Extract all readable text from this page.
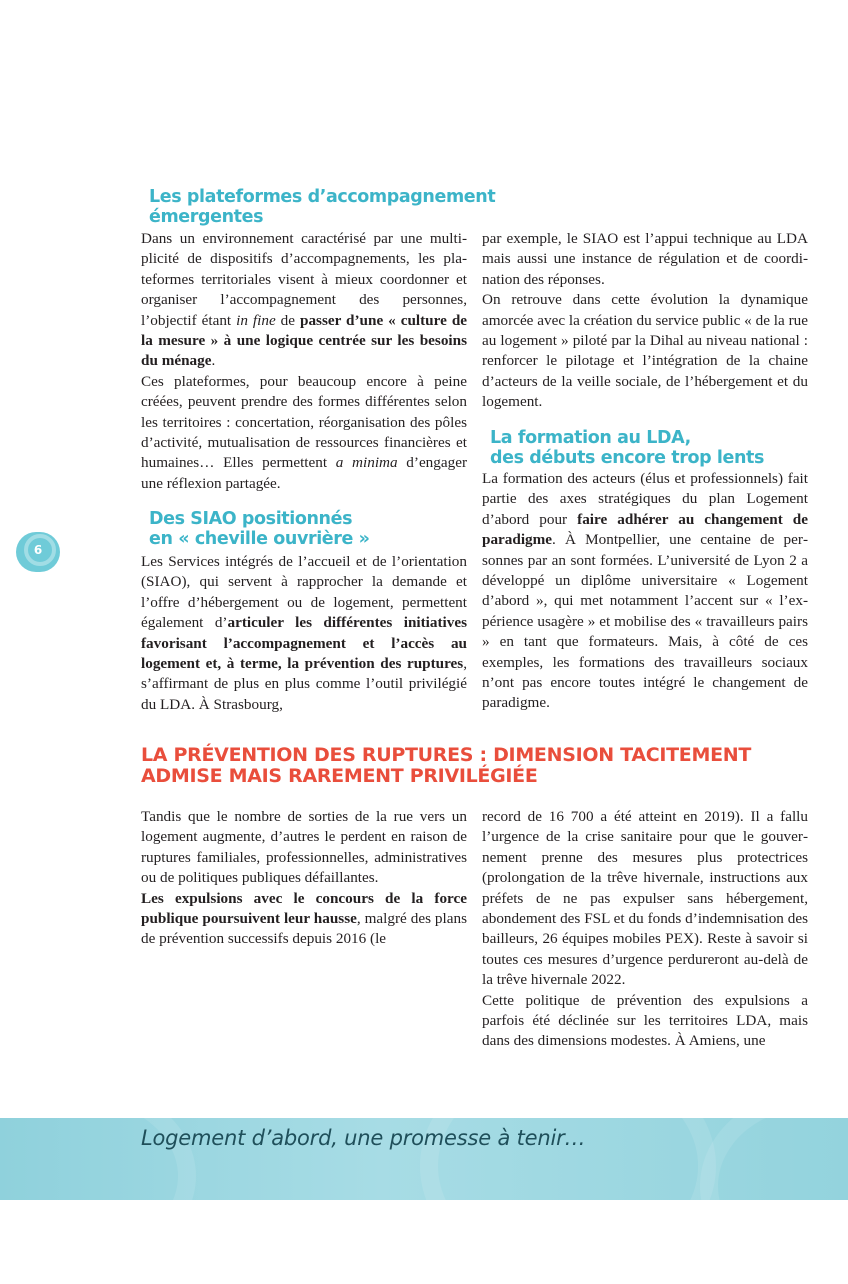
Les plateformes d’accompagnement
émergentes

Dans un environnement caractérisé par une multiplicité de dispositifs d’accompagnements, les plateformes territoriales visent à mieux coordonner et organiser l’accompagnement des personnes, l’objectif étant in fine de passer d’une « culture de la mesure » à une logique centrée sur les besoins du ménage.

Ces plateformes, pour beaucoup encore à peine créées, peuvent prendre des formes différentes selon les territoires : concertation, réorganisation des pôles d’activité, mutualisation de ressources financières et humaines… Elles permettent a minima d’engager une réflexion partagée.

Des SIAO positionnés
en « cheville ouvrière »

Les Services intégrés de l’accueil et de l’orientation (SIAO), qui servent à rapprocher la demande et l’offre d’hébergement ou de logement, permettent également d’articuler les différentes initiatives favorisant l’accompagnement et l’accès au logement et, à terme, la prévention des ruptures, s’affirmant de plus en plus comme l’outil privilégié du LDA. À Strasbourg,

par exemple, le SIAO est l’appui technique au LDA mais aussi une instance de régulation et de coordination des réponses.

On retrouve dans cette évolution la dynamique amorcée avec la création du service public « de la rue au logement » piloté par la Dihal au niveau national : renforcer le pilotage et l’intégration de la chaine d’acteurs de la veille sociale, de l’hébergement et du logement.

La formation au LDA,
des débuts encore trop lents

La formation des acteurs (élus et professionnels) fait partie des axes stratégiques du plan Logement d’abord pour faire adhérer au changement de paradigme. À Montpellier, une centaine de personnes par an sont formées. L’université de Lyon 2 a développé un diplôme universitaire « Logement d’abord », qui met notamment l’accent sur « l’expérience usagère » et mobilise des « travailleurs pairs » en tant que formateurs. Mais, à côté de ces exemples, les formations des travailleurs sociaux n’ont pas encore toutes intégré le changement de paradigme.

6
LA PRÉVENTION DES RUPTURES : DIMENSION TACITEMENT
ADMISE MAIS RAREMENT PRIVILÉGIÉE

Tandis que le nombre de sorties de la rue vers un logement augmente, d’autres le perdent en raison de ruptures familiales, professionnelles, administratives ou de politiques publiques défaillantes.

Les expulsions avec le concours de la force publique poursuivent leur hausse, malgré des plans de prévention successifs depuis 2016 (le

record de 16 700 a été atteint en 2019). Il a fallu l’urgence de la crise sanitaire pour que le gouvernement prenne des mesures plus protectrices (prolongation de la trêve hivernale, instructions aux préfets de ne pas expulser sans hébergement, abondement des FSL et du fonds d’indemnisation des bailleurs, 26 équipes mobiles PEX). Reste à savoir si toutes ces mesures d’urgence perdureront au-delà de la trêve hivernale 2022.

Cette politique de prévention des expulsions a parfois été déclinée sur les territoires LDA, mais dans des dimensions modestes. À Amiens, une

Logement d’abord, une promesse à tenir…
